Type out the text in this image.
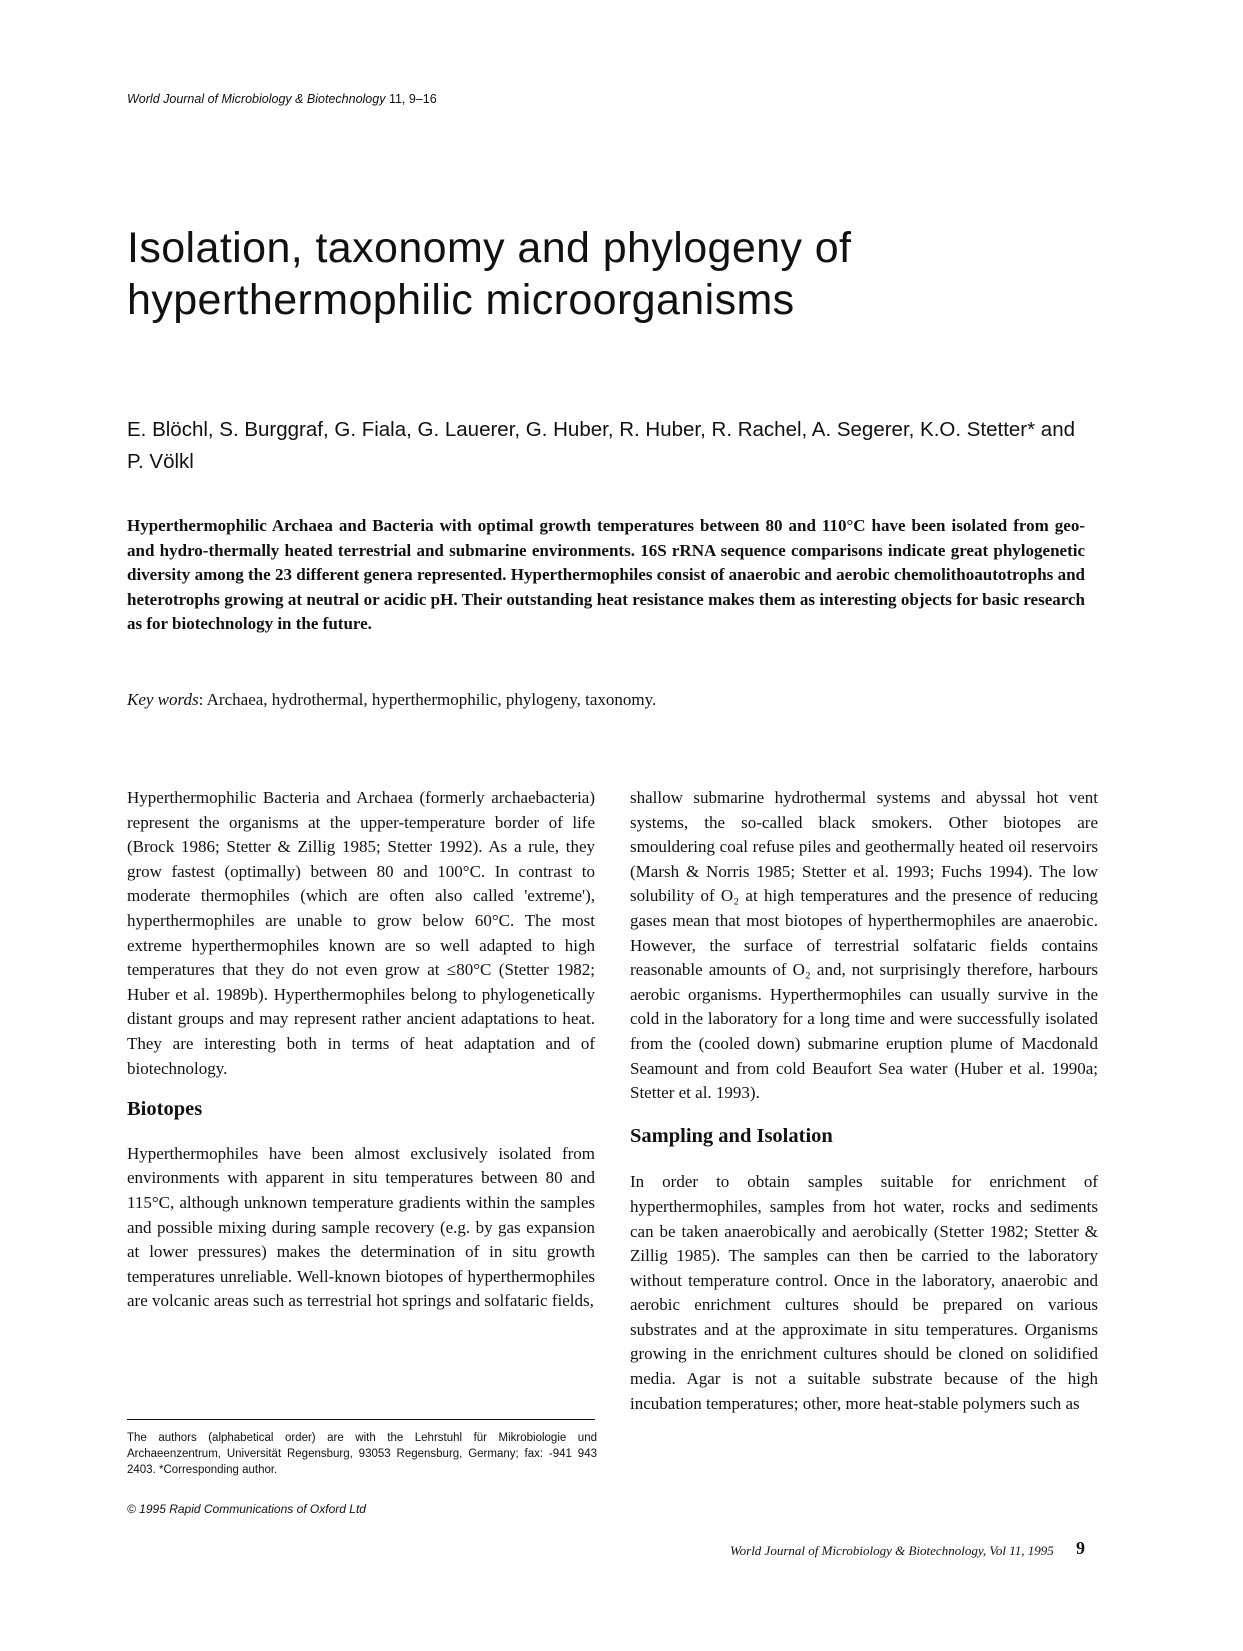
World Journal of Microbiology & Biotechnology 11, 9–16
Isolation, taxonomy and phylogeny of hyperthermophilic microorganisms

E. Blöchl, S. Burggraf, G. Fiala, G. Lauerer, G. Huber, R. Huber, R. Rachel, A. Segerer, K.O. Stetter* and P. Völkl

Hyperthermophilic Archaea and Bacteria with optimal growth temperatures between 80 and 110°C have been isolated from geo- and hydro-thermally heated terrestrial and submarine environments. 16S rRNA sequence comparisons indicate great phylogenetic diversity among the 23 different genera represented. Hyperthermophiles consist of anaerobic and aerobic chemolithoautotrophs and heterotrophs growing at neutral or acidic pH. Their outstanding heat resistance makes them as interesting objects for basic research as for biotechnology in the future.

Key words: Archaea, hydrothermal, hyperthermophilic, phylogeny, taxonomy.

Hyperthermophilic Bacteria and Archaea (formerly archaebacteria) represent the organisms at the upper-temperature border of life (Brock 1986; Stetter & Zillig 1985; Stetter 1992). As a rule, they grow fastest (optimally) between 80 and 100°C. In contrast to moderate thermophiles (which are often also called 'extreme'), hyperthermophiles are unable to grow below 60°C. The most extreme hyperthermophiles known are so well adapted to high temperatures that they do not even grow at ≤80°C (Stetter 1982; Huber et al. 1989b). Hyperthermophiles belong to phylogenetically distant groups and may represent rather ancient adaptations to heat. They are interesting both in terms of heat adaptation and of biotechnology.

Biotopes

Hyperthermophiles have been almost exclusively isolated from environments with apparent in situ temperatures between 80 and 115°C, although unknown temperature gradients within the samples and possible mixing during sample recovery (e.g. by gas expansion at lower pressures) makes the determination of in situ growth temperatures unreliable. Well-known biotopes of hyperthermophiles are volcanic areas such as terrestrial hot springs and solfataric fields,

shallow submarine hydrothermal systems and abyssal hot vent systems, the so-called black smokers. Other biotopes are smouldering coal refuse piles and geothermally heated oil reservoirs (Marsh & Norris 1985; Stetter et al. 1993; Fuchs 1994). The low solubility of O₂ at high temperatures and the presence of reducing gases mean that most biotopes of hyperthermophiles are anaerobic. However, the surface of terrestrial solfataric fields contains reasonable amounts of O₂ and, not surprisingly therefore, harbours aerobic organisms. Hyperthermophiles can usually survive in the cold in the laboratory for a long time and were successfully isolated from the (cooled down) submarine eruption plume of Macdonald Seamount and from cold Beaufort Sea water (Huber et al. 1990a; Stetter et al. 1993).

Sampling and Isolation

In order to obtain samples suitable for enrichment of hyperthermophiles, samples from hot water, rocks and sediments can be taken anaerobically and aerobically (Stetter 1982; Stetter & Zillig 1985). The samples can then be carried to the laboratory without temperature control. Once in the laboratory, anaerobic and aerobic enrichment cultures should be prepared on various substrates and at the approximate in situ temperatures. Organisms growing in the enrichment cultures should be cloned on solidified media. Agar is not a suitable substrate because of the high incubation temperatures; other, more heat-stable polymers such as

The authors (alphabetical order) are with the Lehrstuhl für Mikrobiologie und Archaeenzentrum, Universität Regensburg, 93053 Regensburg, Germany; fax: -941 943 2403. *Corresponding author.

© 1995 Rapid Communications of Oxford Ltd
World Journal of Microbiology & Biotechnology, Vol 11, 1995 9
